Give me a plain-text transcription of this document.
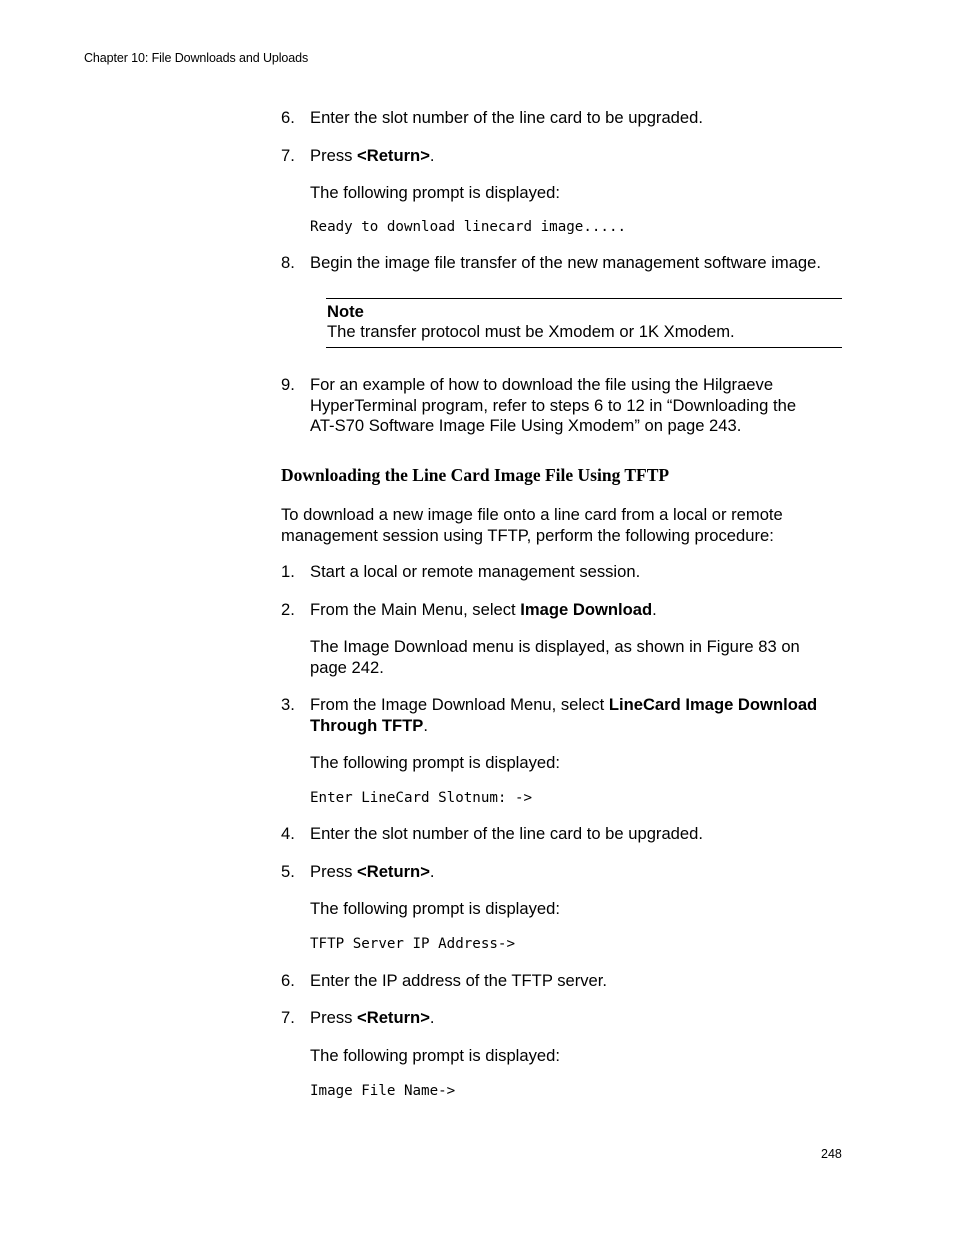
Chapter 10: File Downloads and Uploads
6. Enter the slot number of the line card to be upgraded.
7. Press <Return>.
The following prompt is displayed:
Ready to download linecard image.....
8. Begin the image file transfer of the new management software image.
Note
The transfer protocol must be Xmodem or 1K Xmodem.
9. For an example of how to download the file using the Hilgraeve
HyperTerminal program, refer to steps 6 to 12 in “Downloading the
AT-S70 Software Image File Using Xmodem” on page 243.
Downloading the Line Card Image File Using TFTP
To download a new image file onto a line card from a local or remote
management session using TFTP, perform the following procedure:
1. Start a local or remote management session.
2. From the Main Menu, select Image Download.
The Image Download menu is displayed, as shown in Figure 83 on
page 242.
3. From the Image Download Menu, select LineCard Image Download
Through TFTP.
The following prompt is displayed:
Enter LineCard Slotnum: ->
4. Enter the slot number of the line card to be upgraded.
5. Press <Return>.
The following prompt is displayed:
TFTP Server IP Address->
6. Enter the IP address of the TFTP server.
7. Press <Return>.
The following prompt is displayed:
Image File Name->
248
